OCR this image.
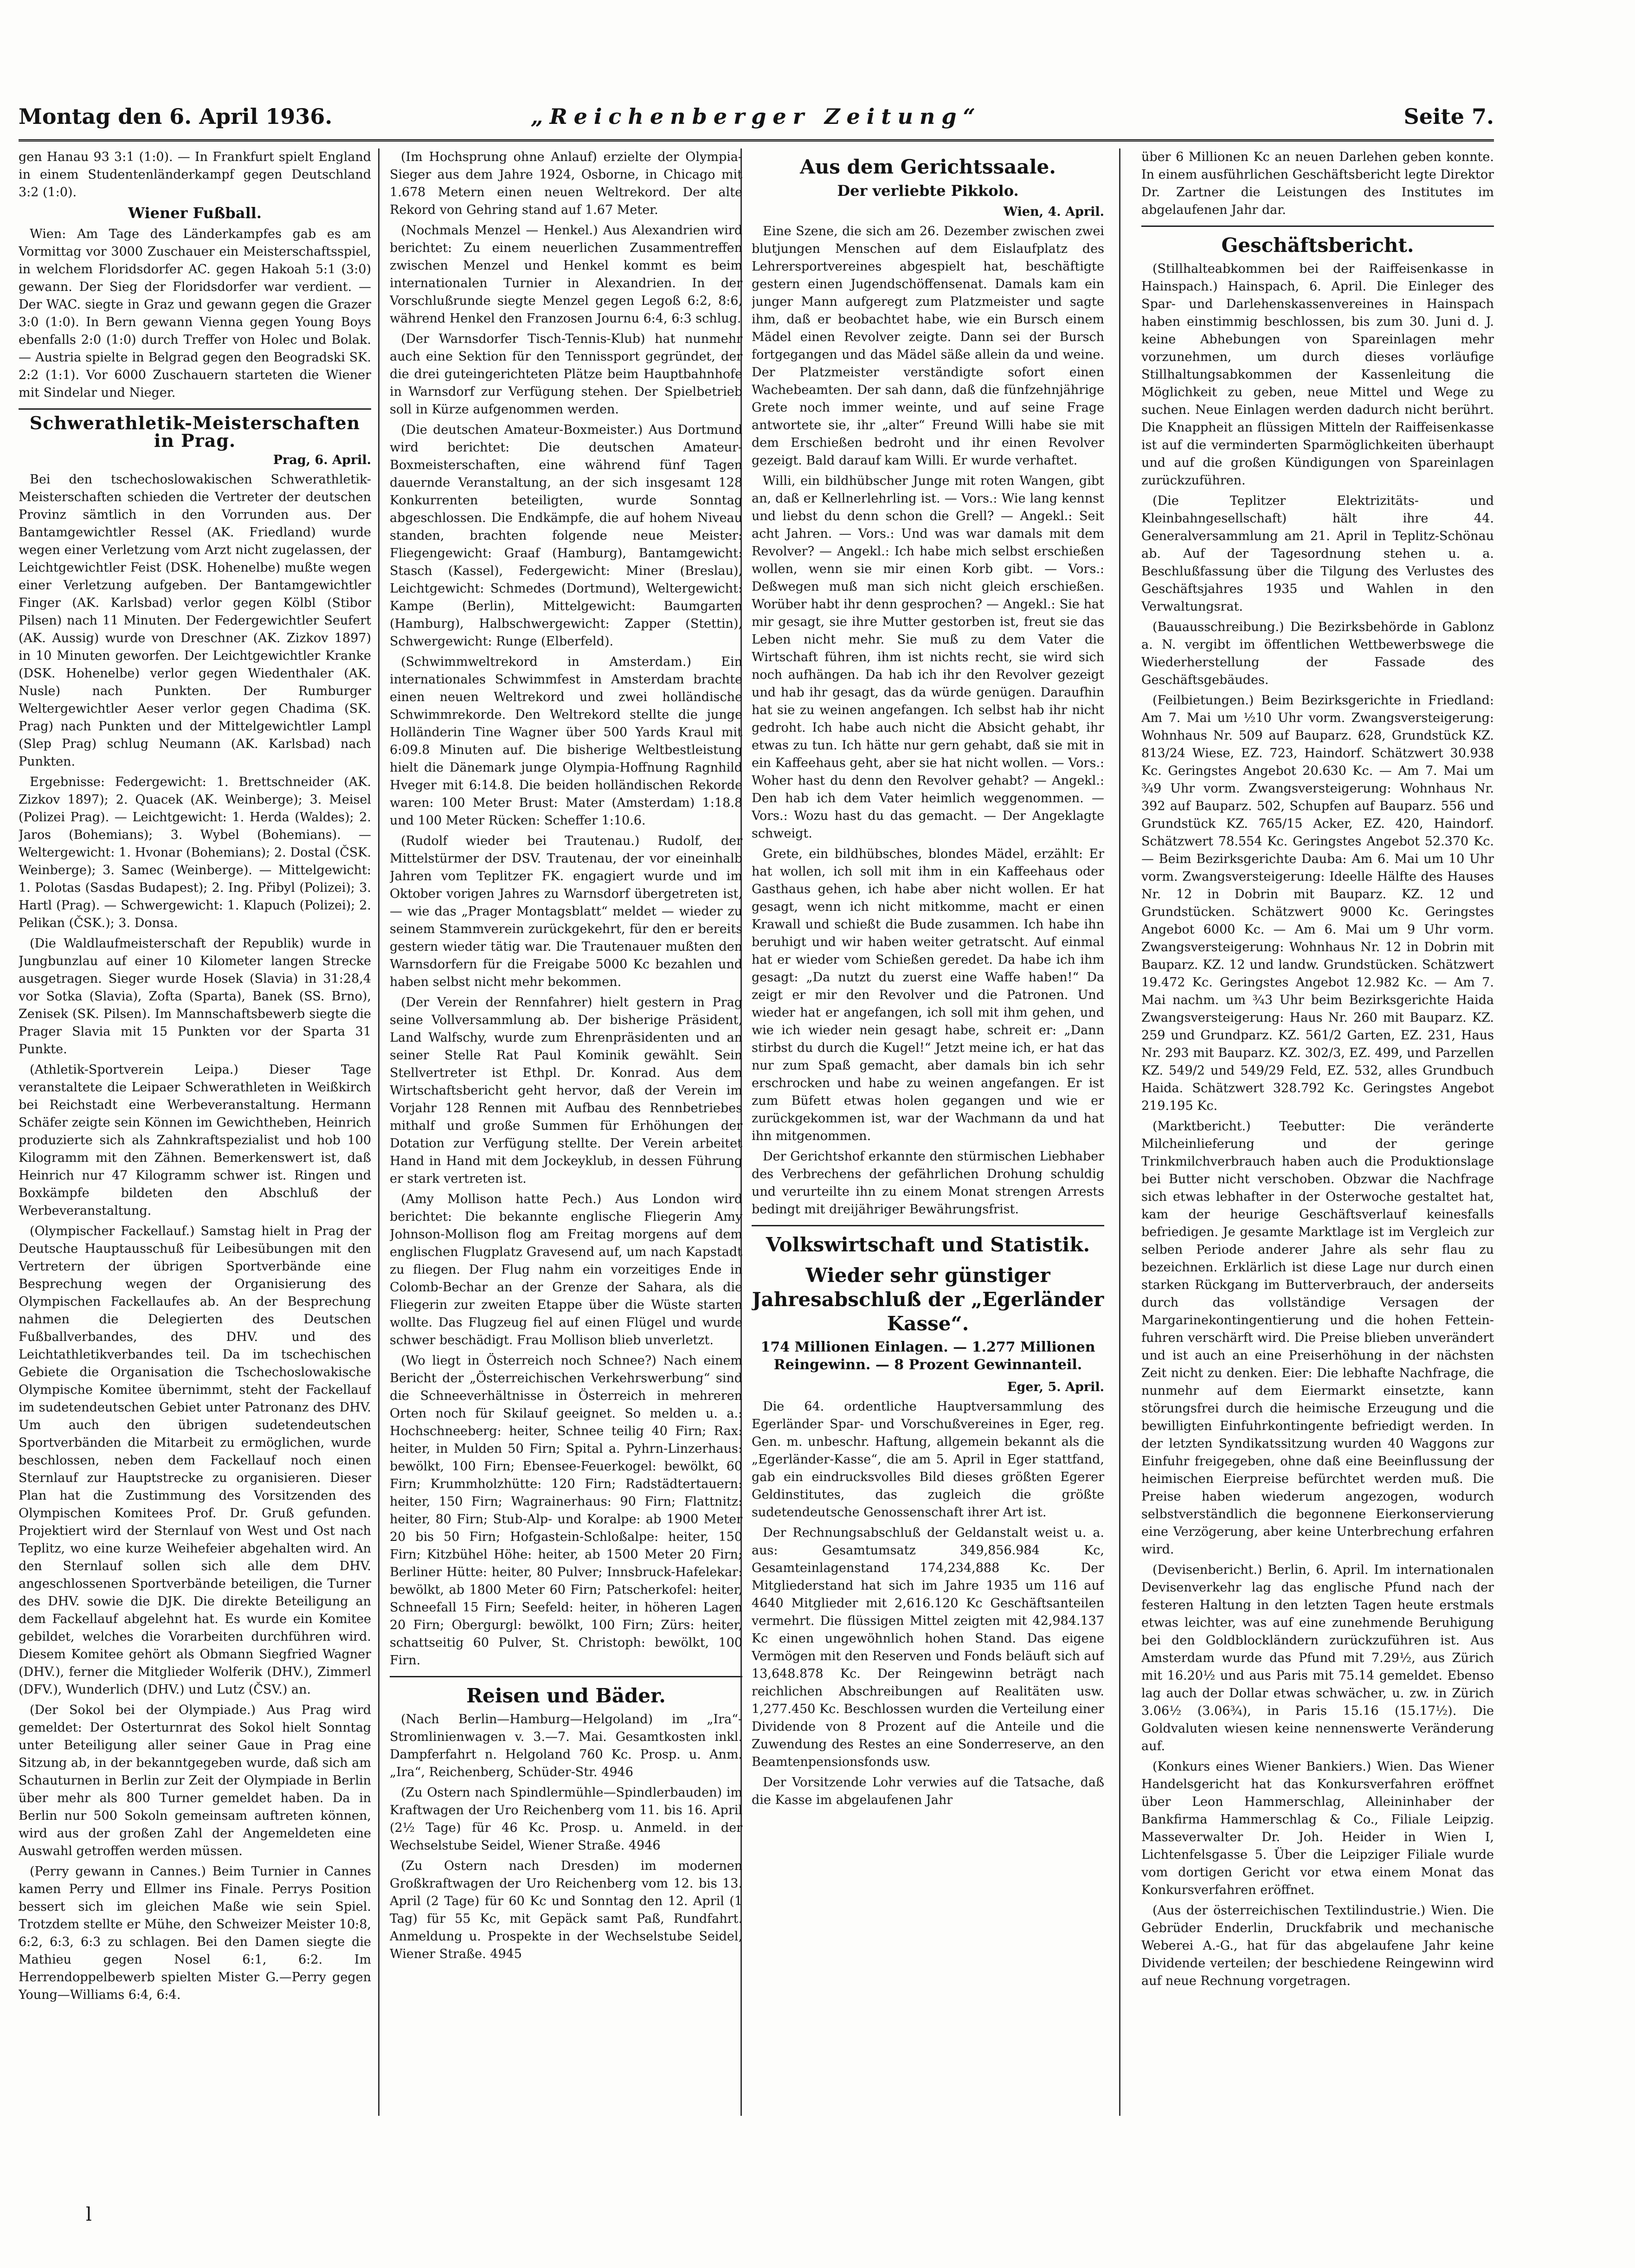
Montag den 6. April 1936.	„Reichenberger Zeitung“	Seite 7.

gen Hanau 93 3:1 (1:0). — In Frankfurt spielt England in einem Studentenländerkampf gegen Deutschland 3:2 (1:0).

Wiener Fußball.

Wien: Am Tage des Länderkampfes gab es am Vormittag vor 3000 Zuschauer ein Meisterschaftsspiel, in welchem Floridsdorfer AC. gegen Hakoah 5:1 (3:0) gewann. Der Sieg der Floridsdorfer war verdient. — Der WAC. siegte in Graz und gewann gegen die Grazer 3:0 (1:0). In Bern gewann Vienna gegen Young Boys ebenfalls 2:0 (1:0) durch Treffer von Holec und Bolak. — Austria spielte in Belgrad gegen den Beogradski SK. 2:2 (1:1). Vor 6000 Zuschauern starteten die Wiener mit Sindelar und Nieger.

Schwerathletik-Meisterschaften in Prag.
Prag, 6. April.

Bei den tschechoslowakischen Schwerathletik-Meisterschaften schieden die Vertreter der deutschen Provinz sämtlich in den Vorrunden aus. Der Bantamgewichtler Ressel (AK. Friedland) wurde wegen einer Verletzung vom Arzt nicht zugelassen, der Leichtgewichtler Feist (DSK. Hohenelbe) mußte wegen einer Verletzung aufgeben. Der Bantamgewichtler Finger (AK. Karlsbad) verlor gegen Kölbl (Stibor Pilsen) nach 11 Minuten. Der Federgewichtler Seufert (AK. Aussig) wurde von Dreschner (AK. Zizkov 1897) in 10 Minuten geworfen. Der Leichtgewichtler Kranke (DSK. Hohenelbe) verlor gegen Wiedenthaler (AK. Nusle) nach Punkten. Der Rumburger Weltergewichtler Aeser verlor gegen Chadima (SK. Prag) nach Punkten und der Mittelgewichtler Lampl (Slep Prag) schlug Neumann (AK. Karlsbad) nach Punkten.

Ergebnisse: Federgewicht: 1. Brettschneider (AK. Zizkov 1897); 2. Quacek (AK. Weinberge); 3. Meisel (Polizei Prag). — Leichtgewicht: 1. Herda (Waldes); 2. Jaros (Bohemians); 3. Wybel (Bohemians). — Weltergewicht: 1. Hvonar (Bohemians); 2. Dostal (ČSK. Weinberge); 3. Samec (Weinberge). — Mittelgewicht: 1. Polotas (Sasdas Budapest); 2. Ing. Přibyl (Polizei); 3. Hartl (Prag). — Schwergewicht: 1. Klapuch (Polizei); 2. Pelikan (ČSK.); 3. Donsa.

(Die Waldlaufmeisterschaft der Republik) wurde in Jungbunzlau auf einer 10 Kilometer langen Strecke ausgetragen. Sieger wurde Hosek (Slavia) in 31:28,4 vor Sotka (Slavia), Zofta (Sparta), Banek (SS. Brno), Zenisek (SK. Pilsen). Im Mannschaftsbewerb siegte die Prager Slavia mit 15 Punkten vor der Sparta 31 Punkte.

(Athletik-Sportverein Leipa.) Dieser Tage veranstaltete die Leipaer Schwerathleten in Weißkirch bei Reichstadt eine Werbeveranstaltung. Hermann Schäfer zeigte sein Können im Gewichtheben, Heinrich produzierte sich als Zahnkraftspezialist und hob 100 Kilogramm mit den Zähnen. Bemerkenswert ist, daß Heinrich nur 47 Kilogramm schwer ist. Ringen und Boxkämpfe bildeten den Abschluß der Werbeveranstaltung.

(Olympischer Fackellauf.) Samstag hielt in Prag der Deutsche Hauptausschuß für Leibesübungen mit den Vertretern der übrigen Sportverbände eine Besprechung wegen der Organisierung des Olympischen Fackellaufes ab. An der Besprechung nahmen die Delegierten des Deutschen Fußballverbandes, des DHV. und des Leichtathletikverbandes teil. Da im tschechischen Gebiete die Organisation die Tschechoslowakische Olympische Komitee übernimmt, steht der Fackellauf im sudetendeutschen Gebiet unter Patronanz des DHV. Um auch den übrigen sudetendeutschen Sportverbänden die Mitarbeit zu ermöglichen, wurde beschlossen, neben dem Fackellauf noch einen Sternlauf zur Hauptstrecke zu organisieren. Dieser Plan hat die Zustimmung des Vorsitzenden des Olympischen Komitees Prof. Dr. Gruß gefunden. Projektiert wird der Sternlauf von West und Ost nach Teplitz, wo eine kurze Weihefeier abgehalten wird. An den Sternlauf sollen sich alle dem DHV. angeschlossenen Sportverbände beteiligen, die Turner des DHV. sowie die DJK. Die direkte Beteiligung an dem Fackellauf abgelehnt hat. Es wurde ein Komitee gebildet, welches die Vorarbeiten durchführen wird. Diesem Komitee gehört als Obmann Siegfried Wagner (DHV.), ferner die Mitglieder Wolferik (DHV.), Zimmerl (DFV.), Wunderlich (DHV.) und Lutz (ČSV.) an.

(Der Sokol bei der Olympiade.) Aus Prag wird gemeldet: Der Osterturnrat des Sokol hielt Sonntag unter Beteiligung aller seiner Gaue in Prag eine Sitzung ab, in der bekanntgegeben wurde, daß sich am Schauturnen in Berlin zur Zeit der Olympiade in Berlin über mehr als 800 Turner gemeldet haben. Da in Berlin nur 500 Sokoln gemeinsam auftreten können, wird aus der großen Zahl der Angemeldeten eine Auswahl getroffen werden müssen.

(Perry gewann in Cannes.) Beim Turnier in Cannes kamen Perry und Ellmer ins Finale. Perrys Position bessert sich im gleichen Maße wie sein Spiel. Trotzdem stellte er Mühe, den Schweizer Meister 10:8, 6:2, 6:3, 6:3 zu schlagen. Bei den Damen siegte die Mathieu gegen Nosel 6:1, 6:2. Im Herrendoppelbewerb spielten Mister G.—Perry gegen Young—Williams 6:4, 6:4.

(Im Hochsprung ohne Anlauf) erzielte der Olympia-Sieger aus dem Jahre 1924, Osborne, in Chicago mit 1.678 Metern einen neuen Weltrekord. Der alte Rekord von Gehring stand auf 1.67 Meter.

(Nochmals Menzel — Henkel.) Aus Alexandrien wird berichtet: Zu einem neuerlichen Zusammentreffen zwischen Menzel und Henkel kommt es beim internationalen Turnier in Alexandrien. In der Vorschlußrunde siegte Menzel gegen Legoß 6:2, 8:6, während Henkel den Franzosen Journu 6:4, 6:3 schlug.

(Der Warnsdorfer Tisch-Tennis-Klub) hat nunmehr auch eine Sektion für den Tennissport gegründet, der die drei guteingerichteten Plätze beim Hauptbahnhofe in Warnsdorf zur Verfügung stehen. Der Spielbetrieb soll in Kürze aufgenommen werden.

(Die deutschen Amateur-Boxmeister.) Aus Dortmund wird berichtet: Die deutschen Amateur-Boxmeisterschaften, eine während fünf Tagen dauernde Veranstaltung, an der sich insgesamt 128 Konkurrenten beteiligten, wurde Sonntag abgeschlossen. Die Endkämpfe, die auf hohem Niveau standen, brachten folgende neue Meister: Fliegengewicht: Graaf (Hamburg), Bantamgewicht: Stasch (Kassel), Federgewicht: Miner (Breslau), Leichtgewicht: Schmedes (Dortmund), Weltergewicht: Kampe (Berlin), Mittelgewicht: Baumgarten (Hamburg), Halbschwergewicht: Zapper (Stettin), Schwergewicht: Runge (Elberfeld).

(Schwimmweltrekord in Amsterdam.) Ein internationales Schwimmfest in Amsterdam brachte einen neuen Weltrekord und zwei holländische Schwimmrekorde. Den Weltrekord stellte die junge Holländerin Tine Wagner über 500 Yards Kraul mit 6:09.8 Minuten auf. Die bisherige Weltbestleistung hielt die Dänemark junge Olympia-Hoffnung Ragnhild Hveger mit 6:14.8. Die beiden holländischen Rekorde waren: 100 Meter Brust: Mater (Amsterdam) 1:18.8 und 100 Meter Rücken: Scheffer 1:10.6.

(Rudolf wieder bei Trautenau.) Rudolf, der Mittelstürmer der DSV. Trautenau, der vor eineinhalb Jahren vom Teplitzer FK. engagiert wurde und im Oktober vorigen Jahres zu Warnsdorf übergetreten ist, — wie das „Prager Montagsblatt“ meldet — wieder zu seinem Stammverein zurückgekehrt, für den er bereits gestern wieder tätig war. Die Trautenauer mußten den Warnsdorfern für die Freigabe 5000 Kc bezahlen und haben selbst nicht mehr bekommen.

(Der Verein der Rennfahrer) hielt gestern in Prag seine Vollversammlung ab. Der bisherige Präsident, Land Walfschy, wurde zum Ehrenpräsidenten und an seiner Stelle Rat Paul Kominik gewählt. Sein Stellvertreter ist Ethpl. Dr. Konrad. Aus dem Wirtschaftsbericht geht hervor, daß der Verein im Vorjahr 128 Rennen mit Aufbau des Rennbetriebes mithalf und große Summen für Erhöhungen der Dotation zur Verfügung stellte. Der Verein arbeitet Hand in Hand mit dem Jockeyklub, in dessen Führung er stark vertreten ist.

(Amy Mollison hatte Pech.) Aus London wird berichtet: Die bekannte englische Fliegerin Amy Johnson-Mollison flog am Freitag morgens auf dem englischen Flugplatz Gravesend auf, um nach Kapstadt zu fliegen. Der Flug nahm ein vorzeitiges Ende in Colomb-Bechar an der Grenze der Sahara, als die Fliegerin zur zweiten Etappe über die Wüste starten wollte. Das Flugzeug fiel auf einen Flügel und wurde schwer beschädigt. Frau Mollison blieb unverletzt.

(Wo liegt in Österreich noch Schnee?) Nach einem Bericht der „Österreichischen Verkehrswerbung“ sind die Schneeverhältnisse in Österreich in mehreren Orten noch für Skilauf geeignet. So melden u. a.: Hochschneeberg: heiter, Schnee teilig 40 Firn; Rax: heiter, in Mulden 50 Firn; Spital a. Pyhrn-Linzerhaus: bewölkt, 100 Firn; Ebensee-Feuerkogel: bewölkt, 60 Firn; Krummholzhütte: 120 Firn; Radstädtertauern: heiter, 150 Firn; Wagrainerhaus: 90 Firn; Flattnitz: heiter, 80 Firn; Stub-Alp- und Koralpe: ab 1900 Meter 20 bis 50 Firn; Hofgastein-Schloßalpe: heiter, 150 Firn; Kitzbühel Höhe: heiter, ab 1500 Meter 20 Firn; Berliner Hütte: heiter, 80 Pulver; Innsbruck-Hafelekar: bewölkt, ab 1800 Meter 60 Firn; Patscherkofel: heiter, Schneefall 15 Firn; Seefeld: heiter, in höheren Lagen 20 Firn; Obergurgl: bewölkt, 100 Firn; Zürs: heiter, schattseitig 60 Pulver, St. Christoph: bewölkt, 100 Firn.

Reisen und Bäder.

(Nach Berlin—Hamburg—Helgoland) im „Ira“-Stromlinienwagen v. 3.—7. Mai. Gesamtkosten inkl. Dampferfahrt n. Helgoland 760 Kc. Prosp. u. Anm. „Ira“, Reichenberg, Schüder-Str. 4946

(Zu Ostern nach Spindlermühle—Spindlerbauden) im Kraftwagen der Uro Reichenberg vom 11. bis 16. April (2½ Tage) für 46 Kc. Prosp. u. Anmeld. in der Wechselstube Seidel, Wiener Straße. 4946

(Zu Ostern nach Dresden) im modernen Großkraftwagen der Uro Reichenberg vom 12. bis 13. April (2 Tage) für 60 Kc und Sonntag den 12. April (1 Tag) für 55 Kc, mit Gepäck samt Paß, Rundfahrt. Anmeldung u. Prospekte in der Wechselstube Seidel, Wiener Straße. 4945

Aus dem Gerichtssaale.
Der verliebte Pikkolo.
Wien, 4. April.

Eine Szene, die sich am 26. Dezember zwischen zwei blutjungen Menschen auf dem Eislaufplatz des Lehrersportvereines abgespielt hat, beschäftigte gestern einen Jugendschöffensenat. Damals kam ein junger Mann aufgeregt zum Platzmeister und sagte ihm, daß er beobachtet habe, wie ein Bursch einem Mädel einen Revolver zeigte. Dann sei der Bursch fortgegangen und das Mädel säße allein da und weine. Der Platzmeister verständigte sofort einen Wachebeamten. Der sah dann, daß die fünfzehnjährige Grete noch immer weinte, und auf seine Frage antwortete sie, ihr „alter“ Freund Willi habe sie mit dem Erschießen bedroht und ihr einen Revolver gezeigt. Bald darauf kam Willi. Er wurde verhaftet.

Willi, ein bildhübscher Junge mit roten Wangen, gibt an, daß er Kellnerlehrling ist. — Vors.: Wie lang kennst und liebst du denn schon die Grell? — Angekl.: Seit acht Jahren. — Vors.: Und was war damals mit dem Revolver? — Angekl.: Ich habe mich selbst erschießen wollen, wenn sie mir einen Korb gibt. — Vors.: Deßwegen muß man sich nicht gleich erschießen. Worüber habt ihr denn gesprochen? — Angekl.: Sie hat mir gesagt, sie ihre Mutter gestorben ist, freut sie das Leben nicht mehr. Sie muß zu dem Vater die Wirtschaft führen, ihm ist nichts recht, sie wird sich noch aufhängen. Da hab ich ihr den Revolver gezeigt und hab ihr gesagt, das da würde genügen. Daraufhin hat sie zu weinen angefangen. Ich selbst hab ihr nicht gedroht. Ich habe auch nicht die Absicht gehabt, ihr etwas zu tun. Ich hätte nur gern gehabt, daß sie mit in ein Kaffeehaus geht, aber sie hat nicht wollen. — Vors.: Woher hast du denn den Revolver gehabt? — Angekl.: Den hab ich dem Vater heimlich weggenommen. — Vors.: Wozu hast du das gemacht. — Der Angeklagte schweigt.

Grete, ein bildhübsches, blondes Mädel, erzählt: Er hat wollen, ich soll mit ihm in ein Kaffeehaus oder Gasthaus gehen, ich habe aber nicht wollen. Er hat gesagt, wenn ich nicht mitkomme, macht er einen Krawall und schießt die Bude zusammen. Ich habe ihn beruhigt und wir haben weiter getratscht. Auf einmal hat er wieder vom Schießen geredet. Da habe ich ihm gesagt: „Da nutzt du zuerst eine Waffe haben!“ Da zeigt er mir den Revolver und die Patronen. Und wieder hat er angefangen, ich soll mit ihm gehen, und wie ich wieder nein gesagt habe, schreit er: „Dann stirbst du durch die Kugel!“ Jetzt meine ich, er hat das nur zum Spaß gemacht, aber damals bin ich sehr erschrocken und habe zu weinen angefangen. Er ist zum Büfett etwas holen gegangen und wie er zurückgekommen ist, war der Wachmann da und hat ihn mitgenommen.

Der Gerichtshof erkannte den stürmischen Liebhaber des Verbrechens der gefährlichen Drohung schuldig und verurteilte ihn zu einem Monat strengen Arrests bedingt mit dreijähriger Bewährungsfrist.

Volkswirtschaft und Statistik.
Wieder sehr günstiger Jahresabschluß der „Egerländer Kasse“.
174 Millionen Einlagen. — 1.277 Millionen Reingewinn. — 8 Prozent Gewinnanteil.
Eger, 5. April.

Die 64. ordentliche Hauptversammlung des Egerländer Spar- und Vorschußvereines in Eger, reg. Gen. m. unbeschr. Haftung, allgemein bekannt als die „Egerländer-Kasse“, die am 5. April in Eger stattfand, gab ein eindrucksvolles Bild dieses größten Egerer Geldinstitutes, das zugleich die größte sudetendeutsche Genossenschaft ihrer Art ist.

Der Rechnungsabschluß der Geldanstalt weist u. a. aus: Gesamtumsatz 349,856.984 Kc, Gesamteinlagenstand 174,234,888 Kc. Der Mitgliederstand hat sich im Jahre 1935 um 116 auf 4640 Mitglieder mit 2,616.120 Kc Geschäftsanteilen vermehrt. Die flüssigen Mittel zeigten mit 42,984.137 Kc einen ungewöhnlich hohen Stand. Das eigene Vermögen mit den Reserven und Fonds beläuft sich auf 13,648.878 Kc. Der Reingewinn beträgt nach reichlichen Abschreibungen auf Realitäten usw. 1,277.450 Kc. Beschlossen wurden die Verteilung einer Dividende von 8 Prozent auf die Anteile und die Zuwendung des Restes an eine Sonderreserve, an den Beamtenpensionsfonds usw.

Der Vorsitzende Lohr verwies auf die Tatsache, daß die Kasse im abgelaufenen Jahr

über 6 Millionen Kc an neuen Darlehen geben konnte. In einem ausführlichen Geschäftsbericht legte Direktor Dr. Zartner die Leistungen des Institutes im abgelaufenen Jahr dar.

Geschäftsbericht.

(Stillhalteabkommen bei der Raiffeisenkasse in Hainspach.) Hainspach, 6. April. Die Einleger des Spar- und Darlehenskassenvereines in Hainspach haben einstimmig beschlossen, bis zum 30. Juni d. J. keine Abhebungen von Spareinlagen mehr vorzunehmen, um durch dieses vorläufige Stillhaltungsabkommen der Kassenleitung die Möglichkeit zu geben, neue Mittel und Wege zu suchen. Neue Einlagen werden dadurch nicht berührt. Die Knappheit an flüssigen Mitteln der Raiffeisenkasse ist auf die verminderten Sparmöglichkeiten überhaupt und auf die großen Kündigungen von Spareinlagen zurückzuführen.

(Die Teplitzer Elektrizitäts- und Kleinbahngesellschaft) hält ihre 44. Generalversammlung am 21. April in Teplitz-Schönau ab. Auf der Tagesordnung stehen u. a. Beschlußfassung über die Tilgung des Verlustes des Geschäftsjahres 1935 und Wahlen in den Verwaltungsrat.

(Bauausschreibung.) Die Bezirksbehörde in Gablonz a. N. vergibt im öffentlichen Wettbewerbswege die Wiederherstellung der Fassade des Geschäftsgebäudes.

(Feilbietungen.) Beim Bezirksgerichte in Friedland: Am 7. Mai um ½10 Uhr vorm. Zwangsversteigerung: Wohnhaus Nr. 509 auf Bauparz. 628, Grundstück KZ. 813/24 Wiese, EZ. 723, Haindorf. Schätzwert 30.938 Kc. Geringstes Angebot 20.630 Kc. — Am 7. Mai um ¾9 Uhr vorm. Zwangsversteigerung: Wohnhaus Nr. 392 auf Bauparz. 502, Schupfen auf Bauparz. 556 und Grundstück KZ. 765/15 Acker, EZ. 420, Haindorf. Schätzwert 78.554 Kc. Geringstes Angebot 52.370 Kc. — Beim Bezirksgerichte Dauba: Am 6. Mai um 10 Uhr vorm. Zwangsversteigerung: Ideelle Hälfte des Hauses Nr. 12 in Dobrin mit Bauparz. KZ. 12 und Grundstücken. Schätzwert 9000 Kc. Geringstes Angebot 6000 Kc. — Am 6. Mai um 9 Uhr vorm. Zwangsversteigerung: Wohnhaus Nr. 12 in Dobrin mit Bauparz. KZ. 12 und landw. Grundstücken. Schätzwert 19.472 Kc. Geringstes Angebot 12.982 Kc. — Am 7. Mai nachm. um ¾3 Uhr beim Bezirksgerichte Haida Zwangsversteigerung: Haus Nr. 260 mit Bauparz. KZ. 259 und Grundparz. KZ. 561/2 Garten, EZ. 231, Haus Nr. 293 mit Bauparz. KZ. 302/3, EZ. 499, und Parzellen KZ. 549/2 und 549/29 Feld, EZ. 532, alles Grundbuch Haida. Schätzwert 328.792 Kc. Geringstes Angebot 219.195 Kc.

(Marktbericht.) Teebutter: Die veränderte Milcheinlieferung und der geringe Trinkmilchverbrauch haben auch die Produktionslage bei Butter nicht verschoben. Obzwar die Nachfrage sich etwas lebhafter in der Osterwoche gestaltet hat, kam der heurige Geschäftsverlauf keinesfalls befriedigen. Je gesamte Marktlage ist im Vergleich zur selben Periode anderer Jahre als sehr flau zu bezeichnen. Erklärlich ist diese Lage nur durch einen starken Rückgang im Butterverbrauch, der anderseits durch das vollständige Versagen der Margarinekontingentierung und die hohen Fettein-fuhren verschärft wird. Die Preise blieben unverändert und ist auch an eine Preiserhöhung in der nächsten Zeit nicht zu denken. Eier: Die lebhafte Nachfrage, die nunmehr auf dem Eiermarkt einsetzte, kann störungsfrei durch die heimische Erzeugung und die bewilligten Einfuhrkontingente befriedigt werden. In der letzten Syndikatssitzung wurden 40 Waggons zur Einfuhr freigegeben, ohne daß eine Beeinflussung der heimischen Eierpreise befürchtet werden muß. Die Preise haben wiederum angezogen, wodurch selbstverständlich die begonnene Eierkonservierung eine Verzögerung, aber keine Unterbrechung erfahren wird.

(Devisenbericht.) Berlin, 6. April. Im internationalen Devisenverkehr lag das englische Pfund nach der festeren Haltung in den letzten Tagen heute erstmals etwas leichter, was auf eine zunehmende Beruhigung bei den Goldblockländern zurückzuführen ist. Aus Amsterdam wurde das Pfund mit 7.29½, aus Zürich mit 16.20½ und aus Paris mit 75.14 gemeldet. Ebenso lag auch der Dollar etwas schwächer, u. zw. in Zürich 3.06½ (3.06¾), in Paris 15.16 (15.17½). Die Goldvaluten wiesen keine nennenswerte Veränderung auf.

(Konkurs eines Wiener Bankiers.) Wien. Das Wiener Handelsgericht hat das Konkursverfahren eröffnet über Leon Hammerschlag, Alleininhaber der Bankfirma Hammerschlag & Co., Filiale Leipzig. Masseverwalter Dr. Joh. Heider in Wien I, Lichtenfelsgasse 5. Über die Leipziger Filiale wurde vom dortigen Gericht vor etwa einem Monat das Konkursverfahren eröffnet.

(Aus der österreichischen Textilindustrie.) Wien. Die Gebrüder Enderlin, Druckfabrik und mechanische Weberei A.-G., hat für das abgelaufene Jahr keine Dividende verteilen; der beschiedene Reingewinn wird auf neue Rechnung vorgetragen.

l
